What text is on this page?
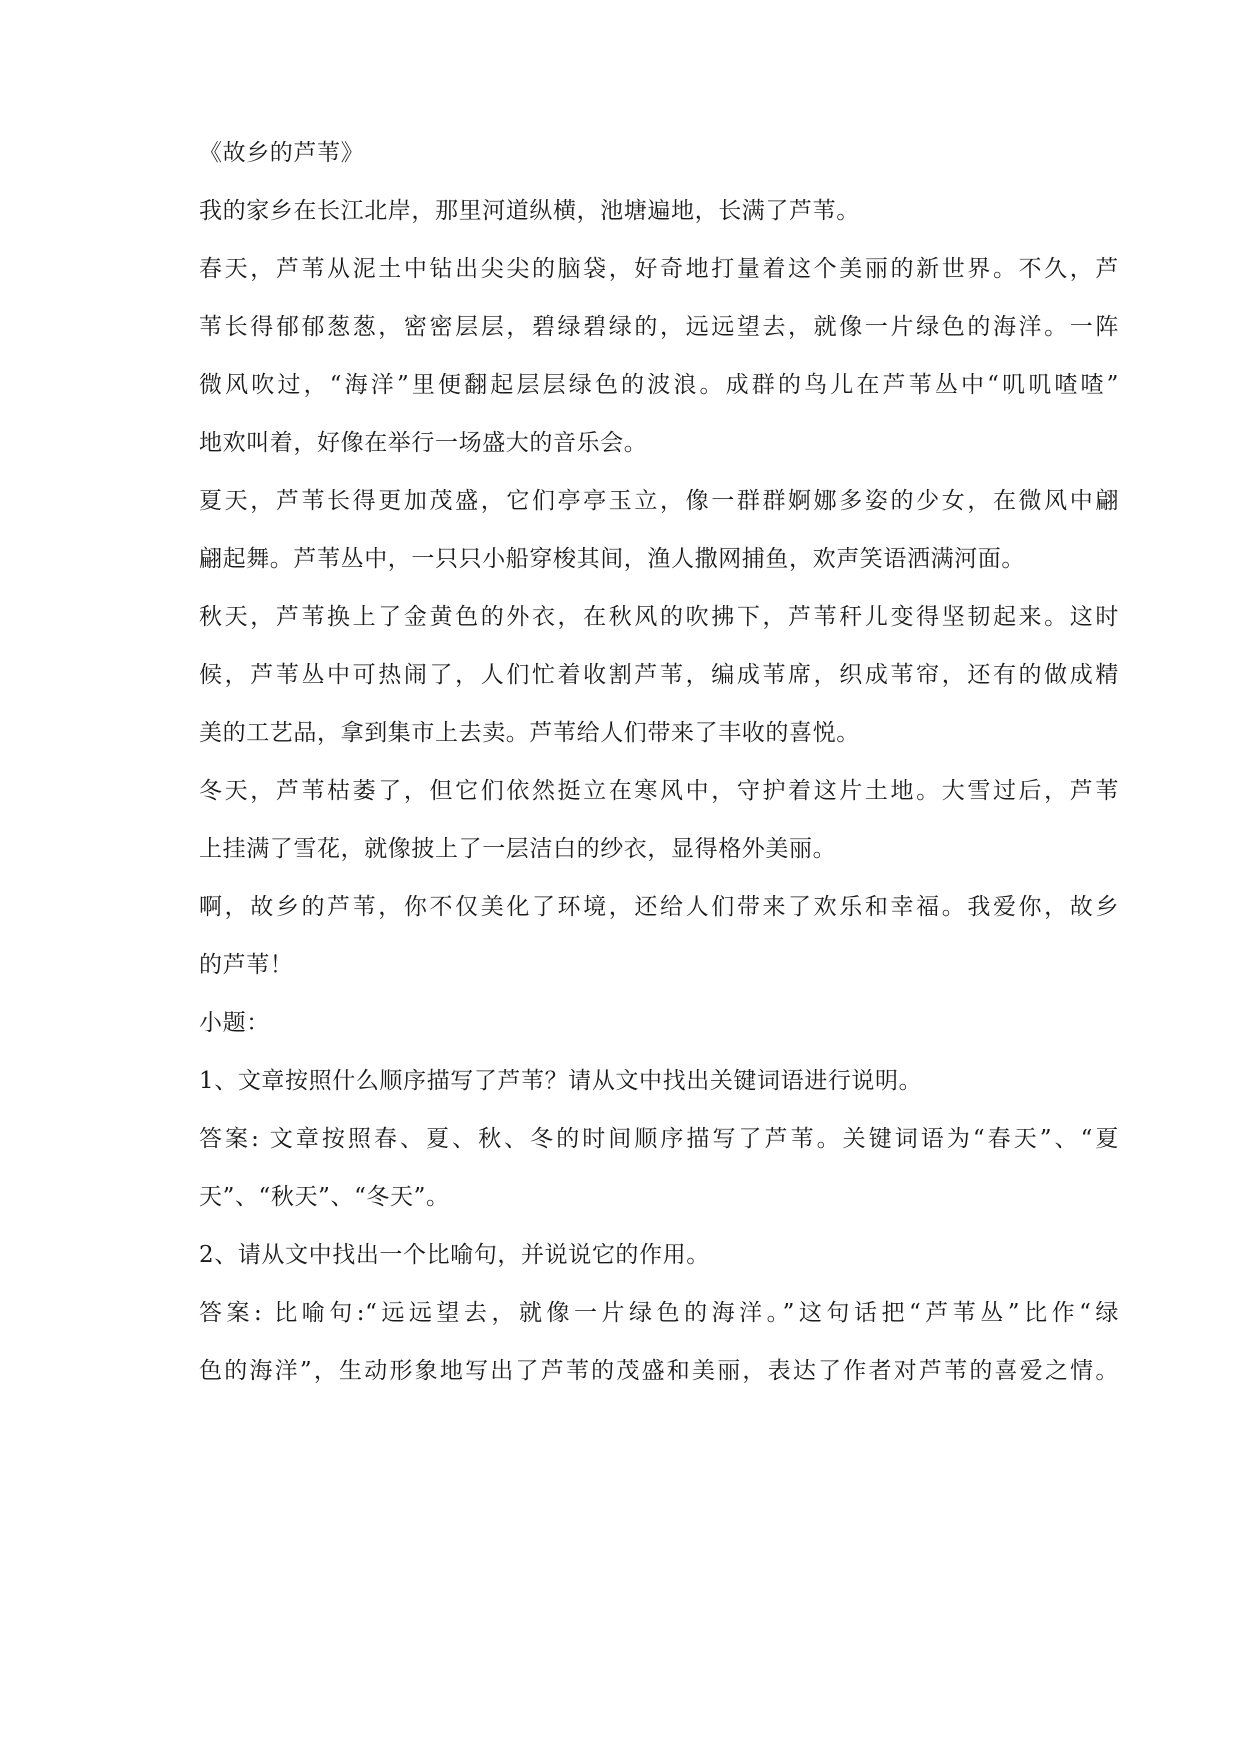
《故乡的芦苇》
我的家乡在长江北岸，那里河道纵横，池塘遍地，长满了芦苇。
春天，芦苇从泥土中钻出尖尖的脑袋，好奇地打量着这个美丽的新世界。不久，芦
苇长得郁郁葱葱，密密层层，碧绿碧绿的，远远望去，就像一片绿色的海洋。一阵
微风吹过，“海洋”里便翻起层层绿色的波浪。成群的鸟儿在芦苇丛中“叽叽喳喳”
地欢叫着，好像在举行一场盛大的音乐会。
夏天，芦苇长得更加茂盛，它们亭亭玉立，像一群群婀娜多姿的少女，在微风中翩
翩起舞。芦苇丛中，一只只小船穿梭其间，渔人撒网捕鱼，欢声笑语洒满河面。
秋天，芦苇换上了金黄色的外衣，在秋风的吹拂下，芦苇秆儿变得坚韧起来。这时
候，芦苇丛中可热闹了，人们忙着收割芦苇，编成苇席，织成苇帘，还有的做成精
美的工艺品，拿到集市上去卖。芦苇给人们带来了丰收的喜悦。
冬天，芦苇枯萎了，但它们依然挺立在寒风中，守护着这片土地。大雪过后，芦苇
上挂满了雪花，就像披上了一层洁白的纱衣，显得格外美丽。
啊，故乡的芦苇，你不仅美化了环境，还给人们带来了欢乐和幸福。我爱你，故乡
的芦苇！
小题：
1、文章按照什么顺序描写了芦苇？请从文中找出关键词语进行说明。
答案: 文章按照春、夏、秋、冬的时间顺序描写了芦苇。关键词语为“春天”、“夏
天”、“秋天”、“冬天”。
2、请从文中找出一个比喻句，并说说它的作用。
答案: 比喻句:“远远望去，就像一片绿色的海洋。”这句话把“芦苇丛”比作“绿
色的海洋”，生动形象地写出了芦苇的茂盛和美丽，表达了作者对芦苇的喜爱之情。
